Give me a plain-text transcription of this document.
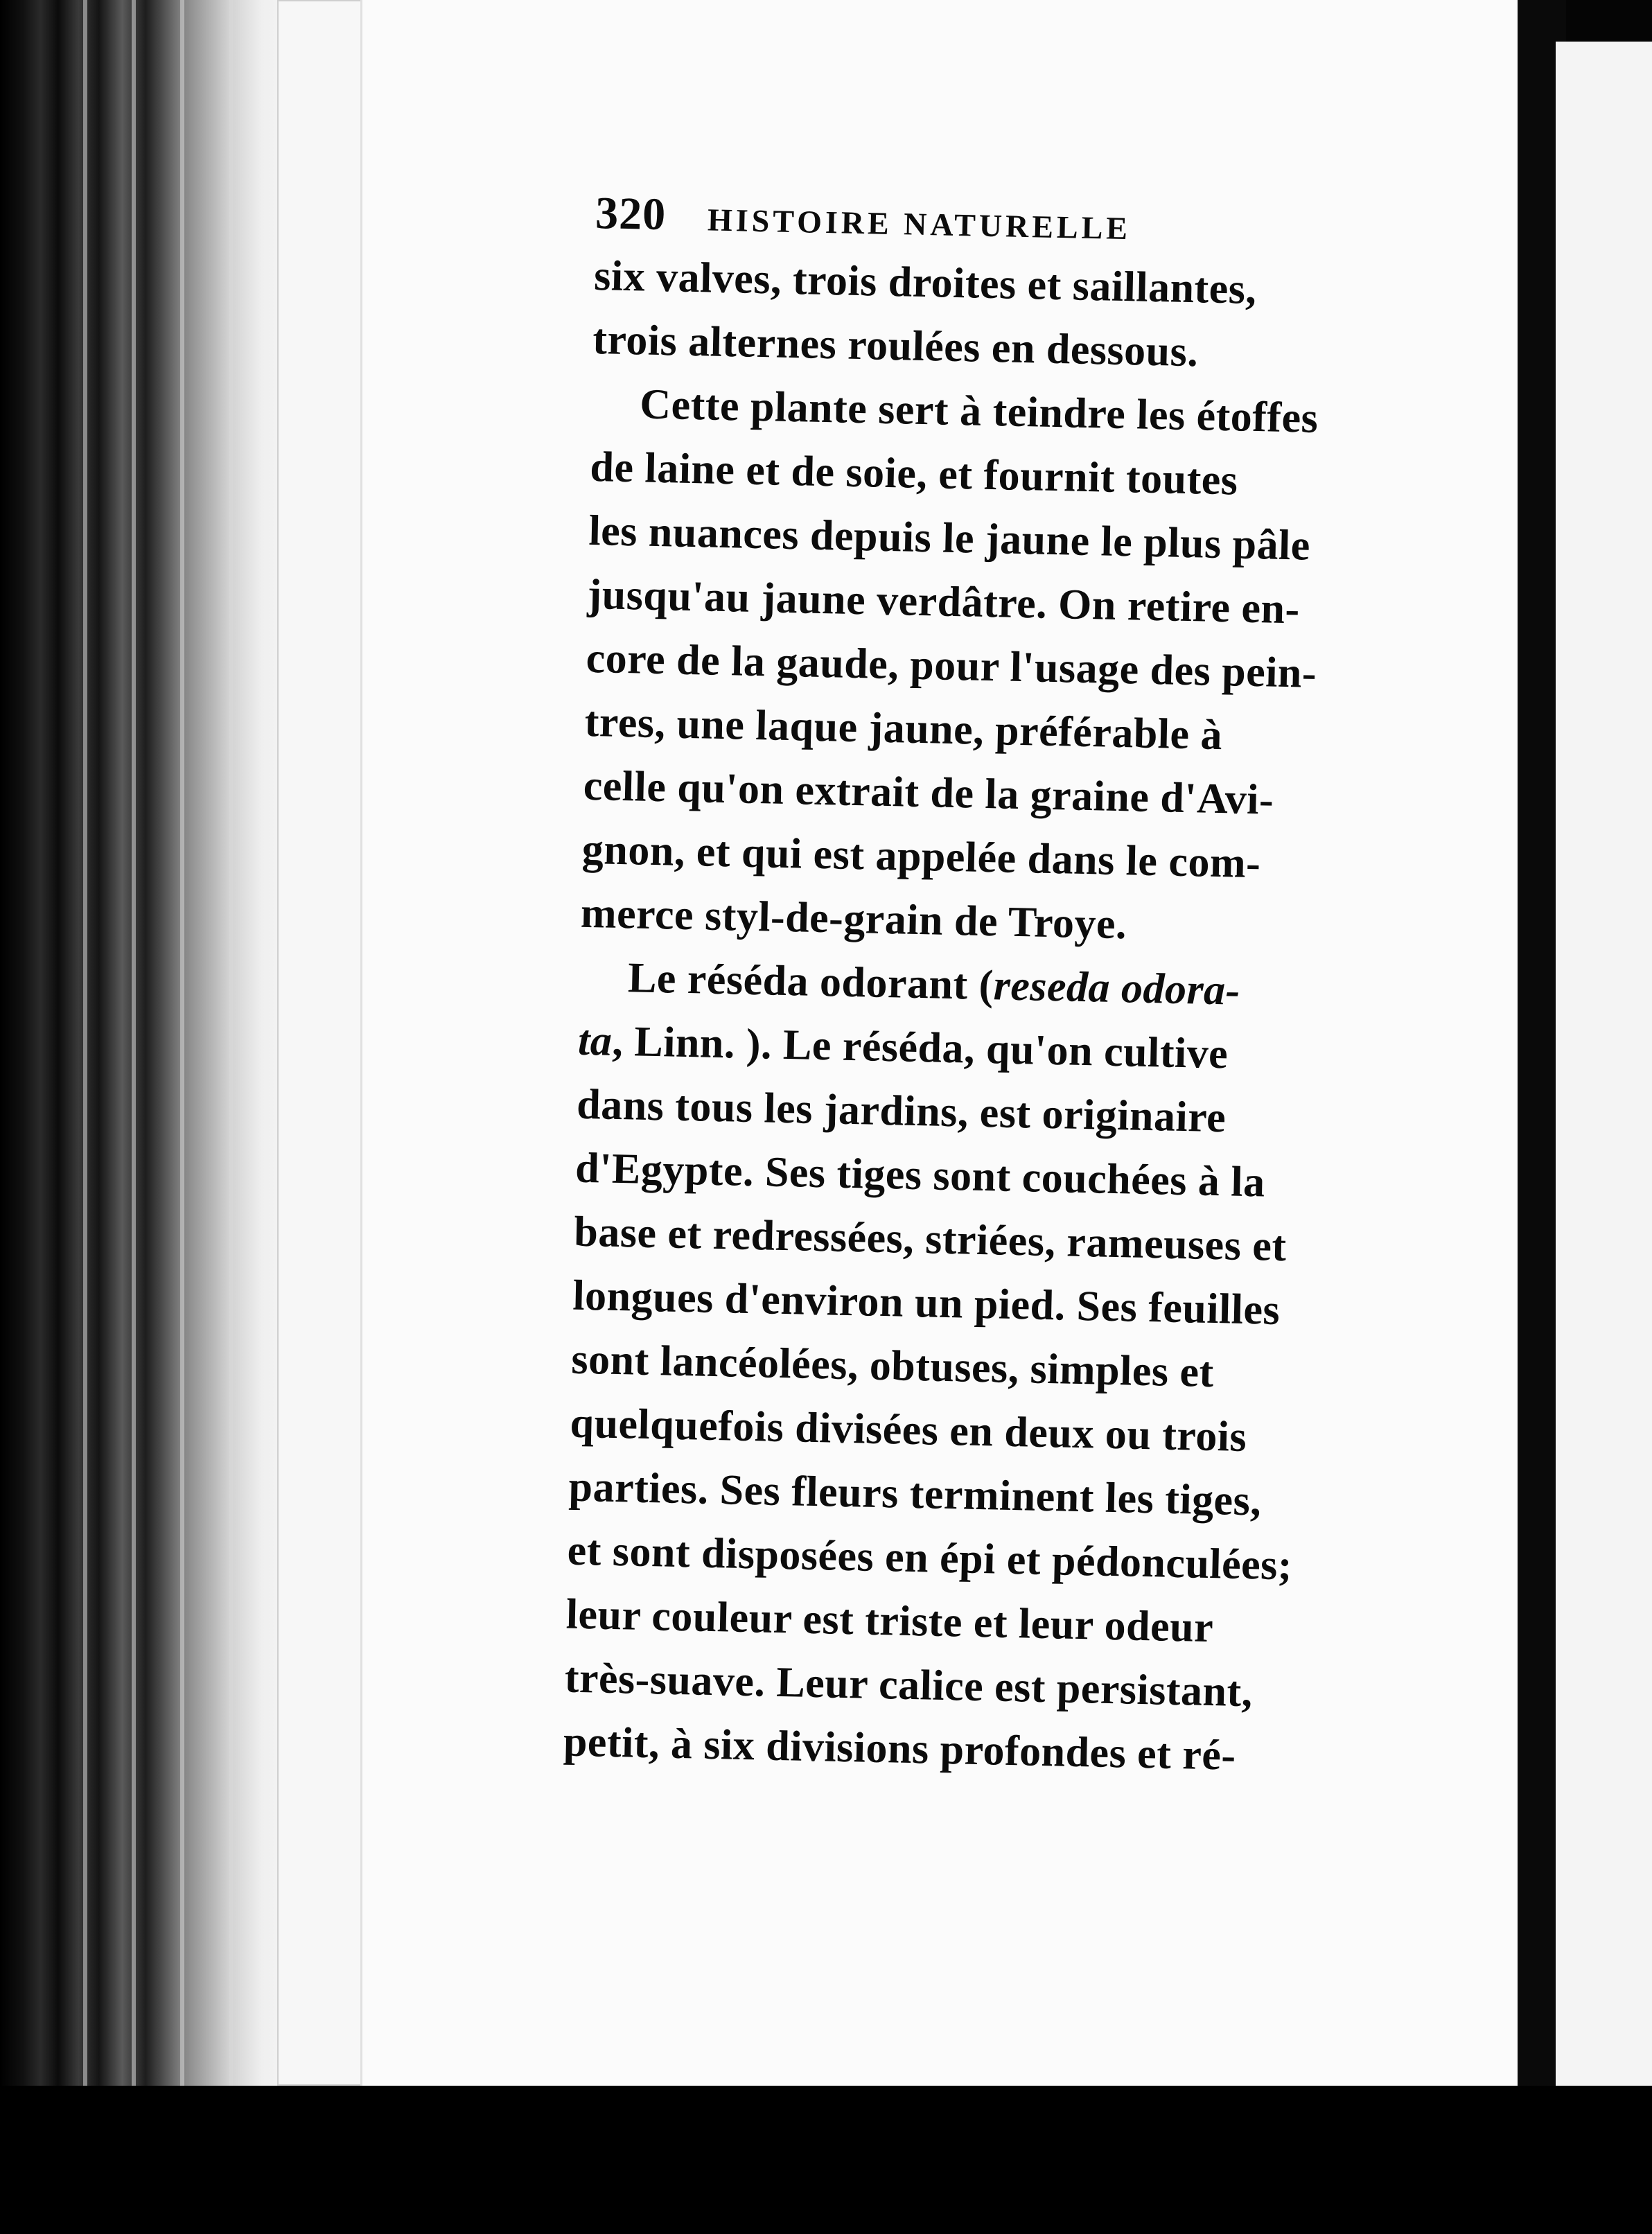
320 HISTOIRE NATURELLE
six valves, trois droites et saillantes,
trois alternes roulées en dessous.
Cette plante sert à teindre les étoffes
de laine et de soie, et fournit toutes
les nuances depuis le jaune le plus pâle
jusqu'au jaune verdâtre. On retire en-
core de la gaude, pour l'usage des pein-
tres, une laque jaune, préférable à
celle qu'on extrait de la graine d'Avi-
gnon, et qui est appelée dans le com-
merce styl-de-grain de Troye.
Le réséda odorant (reseda odora-
ta, Linn. ). Le réséda, qu'on cultive
dans tous les jardins, est originaire
d'Egypte. Ses tiges sont couchées à la
base et redressées, striées, rameuses et
longues d'environ un pied. Ses feuilles
sont lancéolées, obtuses, simples et
quelquefois divisées en deux ou trois
parties. Ses fleurs terminent les tiges,
et sont disposées en épi et pédonculées;
leur couleur est triste et leur odeur
très-suave. Leur calice est persistant,
petit, à six divisions profondes et ré-
